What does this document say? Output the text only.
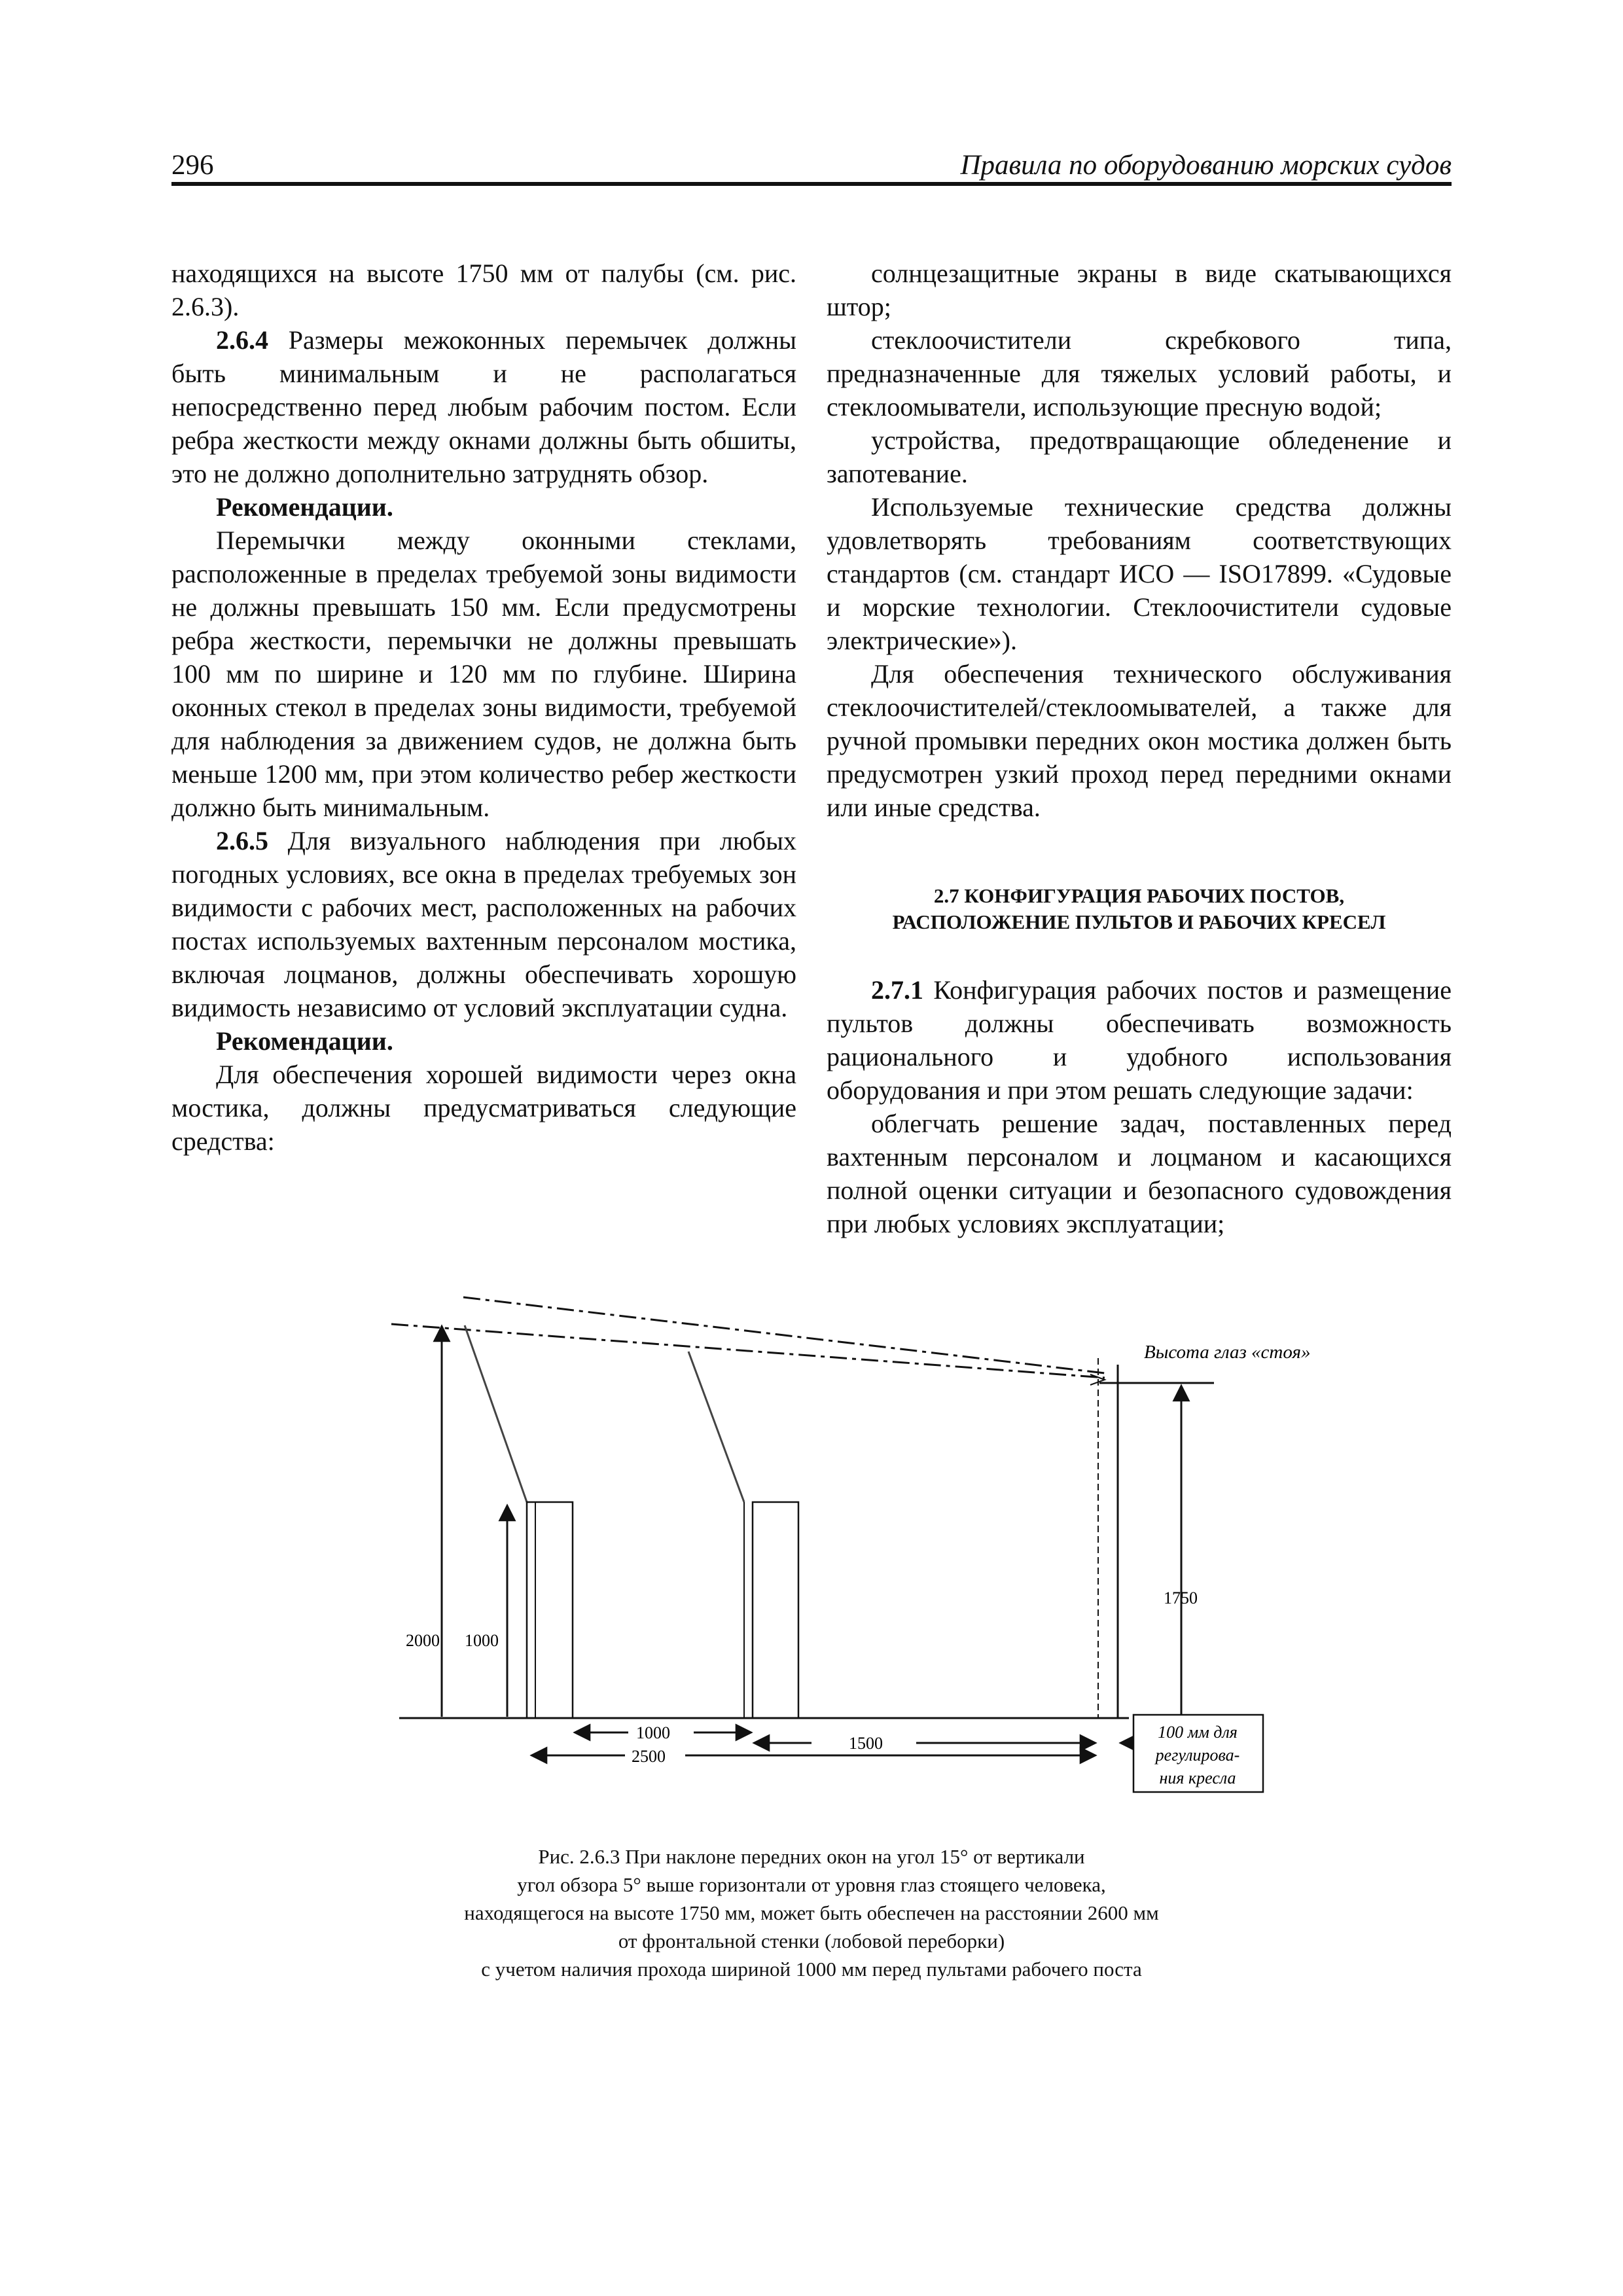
296	Правила по оборудованию морских судов

находящихся на высоте 1750 мм от палубы (см. рис. 2.6.3).

2.6.4 Размеры межоконных перемычек должны быть минимальным и не располагаться непосредственно перед любым рабочим постом. Если ребра жесткости между окнами должны быть обшиты, это не должно дополнительно затруднять обзор.

Рекомендации.

Перемычки между оконными стеклами, расположенные в пределах требуемой зоны видимости не должны превышать 150 мм. Если предусмотрены ребра жесткости, перемычки не должны превышать 100 мм по ширине и 120 мм по глубине. Ширина оконных стекол в пределах зоны видимости, требуемой для наблюдения за движением судов, не должна быть меньше 1200 мм, при этом количество ребер жесткости должно быть минимальным.

2.6.5 Для визуального наблюдения при любых погодных условиях, все окна в пределах требуемых зон видимости с рабочих мест, расположенных на рабочих постах используемых вахтенным персоналом мостика, включая лоцманов, должны обеспечивать хорошую видимость независимо от условий эксплуатации судна.

Рекомендации.

Для обеспечения хорошей видимости через окна мостика, должны предусматриваться следующие средства:

солнцезащитные экраны в виде скатывающихся штор;

стеклоочистители скребкового типа, предназначенные для тяжелых условий работы, и стеклоомыватели, использующие пресную водой;

устройства, предотвращающие обледенение и запотевание.

Используемые технические средства должны удовлетворять требованиям соответствующих стандартов (см. стандарт ИСО — ISO17899. «Судовые и морские технологии. Стеклоочистители судовые электрические»).

Для обеспечения технического обслуживания стеклоочистителей/стеклоомывателей, а также для ручной промывки передних окон мостика должен быть предусмотрен узкий проход перед передними окнами или иные средства.

2.7 КОНФИГУРАЦИЯ РАБОЧИХ ПОСТОВ,
РАСПОЛОЖЕНИЕ ПУЛЬТОВ И РАБОЧИХ КРЕСЕЛ

2.7.1 Конфигурация рабочих постов и размещение пультов должны обеспечивать возможность рационального и удобного использования оборудования и при этом решать следующие задачи:

облегчать решение задач, поставленных перед вахтенным персоналом и лоцманом и касающихся полной оценки ситуации и безопасного судовождения при любых условиях эксплуатации;

2000 1000
1750
Высота глаз «стоя»
1000
1500
2500
100 мм для
регулирова-
ния кресла
Рис. 2.6.3 При наклоне передних окон на угол 15° от вертикали
угол обзора 5° выше горизонтали от уровня глаз стоящего человека,
находящегося на высоте 1750 мм, может быть обеспечен на расстоянии 2600 мм
от фронтальной стенки (лобовой переборки)
с учетом наличия прохода шириной 1000 мм перед пультами рабочего поста
